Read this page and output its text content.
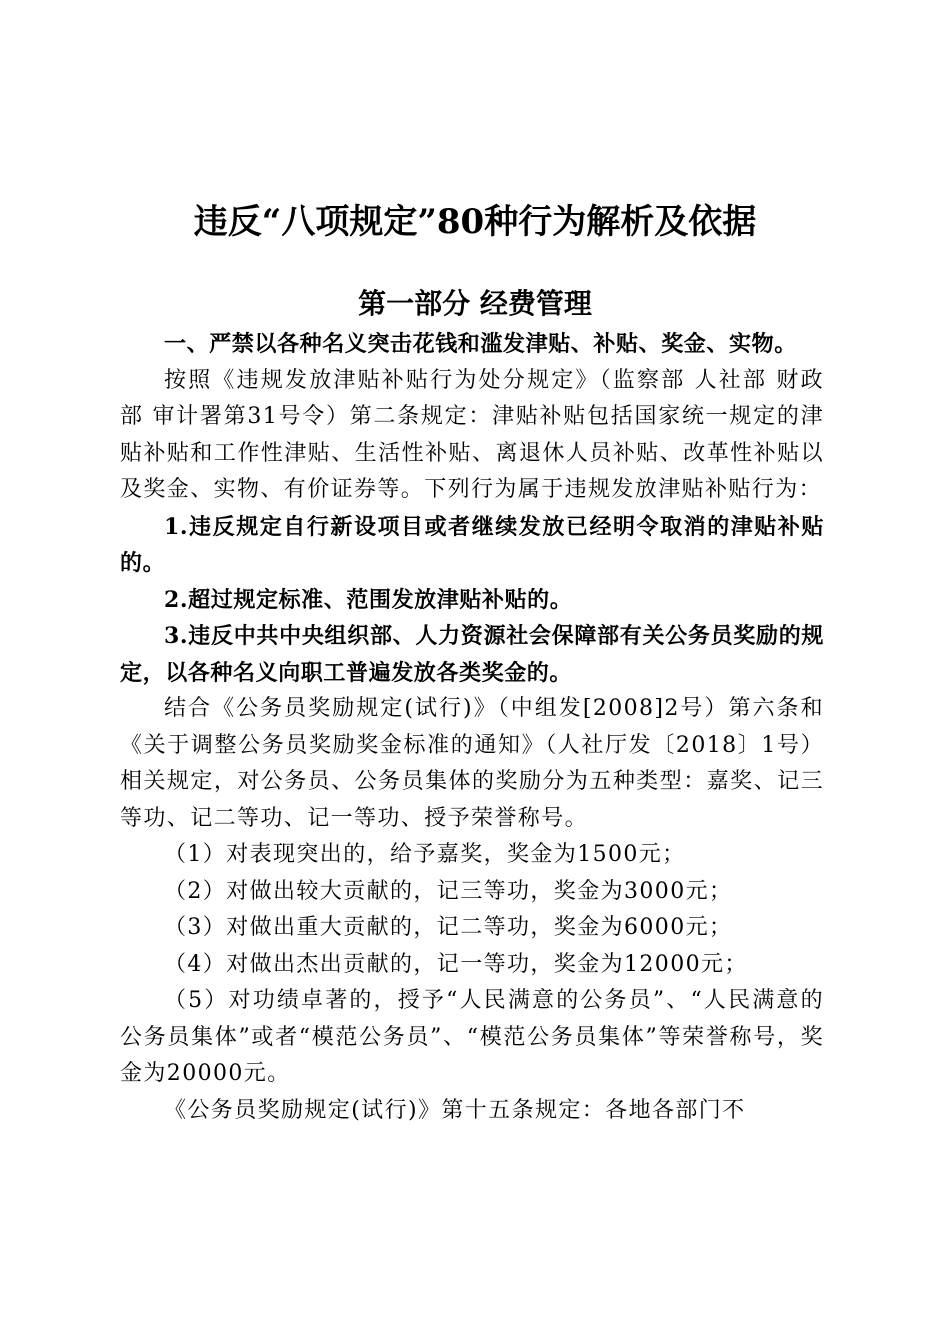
违反“八项规定”80种行为解析及依据
第一部分 经费管理

一、严禁以各种名义突击花钱和滥发津贴、补贴、奖金、实物。

按照《违规发放津贴补贴行为处分规定》（监察部 人社部 财政部 审计署第31号令）第二条规定：津贴补贴包括国家统一规定的津贴补贴和工作性津贴、生活性补贴、离退休人员补贴、改革性补贴以及奖金、实物、有价证券等。下列行为属于违规发放津贴补贴行为：

1.违反规定自行新设项目或者继续发放已经明令取消的津贴补贴的。

2.超过规定标准、范围发放津贴补贴的。

3.违反中共中央组织部、人力资源社会保障部有关公务员奖励的规定，以各种名义向职工普遍发放各类奖金的。

结合《公务员奖励规定(试行)》（中组发[2008]2号）第六条和《关于调整公务员奖励奖金标准的通知》（人社厅发〔2018〕1号）相关规定，对公务员、公务员集体的奖励分为五种类型：嘉奖、记三等功、记二等功、记一等功、授予荣誉称号。

（1）对表现突出的，给予嘉奖，奖金为1500元；

（2）对做出较大贡献的，记三等功，奖金为3000元；

（3）对做出重大贡献的，记二等功，奖金为6000元；

（4）对做出杰出贡献的，记一等功，奖金为12000元；

（5）对功绩卓著的，授予“人民满意的公务员”、“人民满意的公务员集体”或者“模范公务员”、“模范公务员集体”等荣誉称号，奖金为20000元。

《公务员奖励规定(试行)》第十五条规定：各地各部门不
